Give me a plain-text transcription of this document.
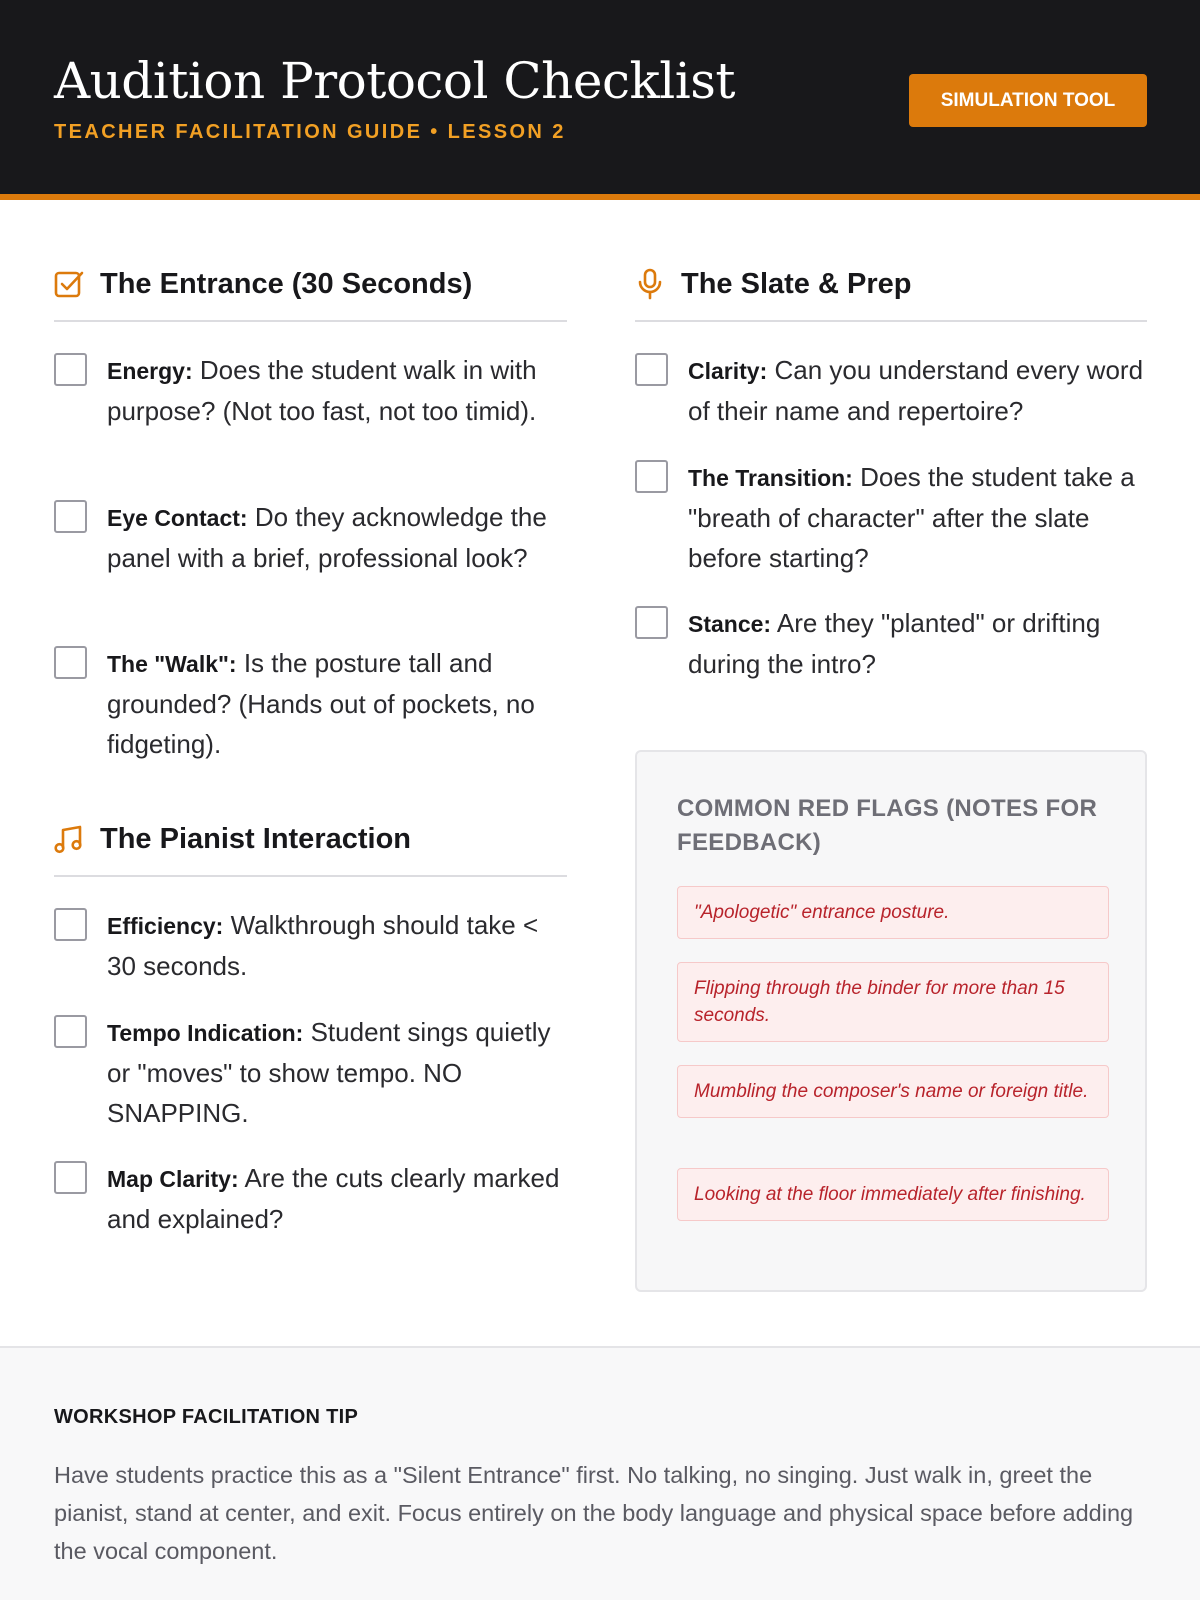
Audition Protocol Checklist
TEACHER FACILITATION GUIDE • LESSON 2
SIMULATION TOOL
The Entrance (30 Seconds)
Energy: Does the student walk in with purpose? (Not too fast, not too timid).
Eye Contact: Do they acknowledge the panel with a brief, professional look?
The "Walk": Is the posture tall and grounded? (Hands out of pockets, no fidgeting).
The Pianist Interaction
Efficiency: Walkthrough should take < 30 seconds.
Tempo Indication: Student sings quietly or "moves" to show tempo. NO SNAPPING.
Map Clarity: Are the cuts clearly marked and explained?
The Slate & Prep
Clarity: Can you understand every word of their name and repertoire?
The Transition: Does the student take a "breath of character" after the slate before starting?
Stance: Are they "planted" or drifting during the intro?
COMMON RED FLAGS (NOTES FOR FEEDBACK)
"Apologetic" entrance posture.
Flipping through the binder for more than 15 seconds.
Mumbling the composer's name or foreign title.
Looking at the floor immediately after finishing.
WORKSHOP FACILITATION TIP
Have students practice this as a "Silent Entrance" first. No talking, no singing. Just walk in, greet the pianist, stand at center, and exit. Focus entirely on the body language and physical space before adding the vocal component.
